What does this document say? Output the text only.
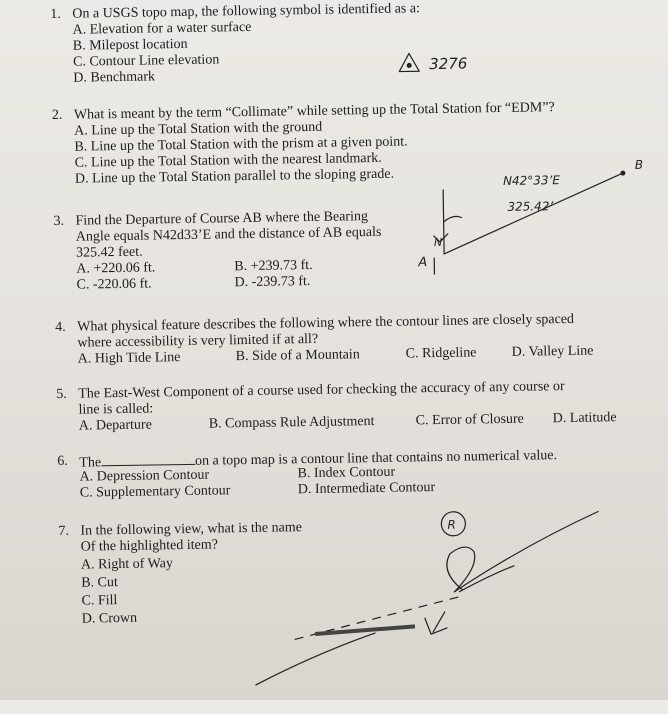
1. On a USGS topo map, the following symbol is identified as a:
A. Elevation for a water surface
B. Milepost location
C. Contour Line elevation
D. Benchmark
3276
2. What is meant by the term “Collimate” while setting up the Total Station for “EDM”?
A. Line up the Total Station with the ground
B. Line up the Total Station with the prism at a given point.
C. Line up the Total Station with the nearest landmark.
D. Line up the Total Station parallel to the sloping grade.
3. Find the Departure of Course AB where the Bearing
Angle equals N42d33’E and the distance of AB equals
325.42 feet.
A. +220.06 ft.	B. +239.73 ft.
C. -220.06 ft.	D. -239.73 ft.
N
N42°33’E
325.42’
B
A
4. What physical feature describes the following where the contour lines are closely spaced
where accessibility is very limited if at all?
A. High Tide Line	B. Side of a Mountain	C. Ridgeline D. Valley Line
5. The East-West Component of a course used for checking the accuracy of any course or
line is called:
A. Departure	B. Compass Rule Adjustment	C. Error of Closure D. Latitude
6. The	on a topo map is a contour line that contains no numerical value.
A. Depression Contour	B. Index Contour
C. Supplementary Contour	D. Intermediate Contour
7. In the following view, what is the name
Of the highlighted item?
A. Right of Way
B. Cut
C. Fill
D. Crown
R
